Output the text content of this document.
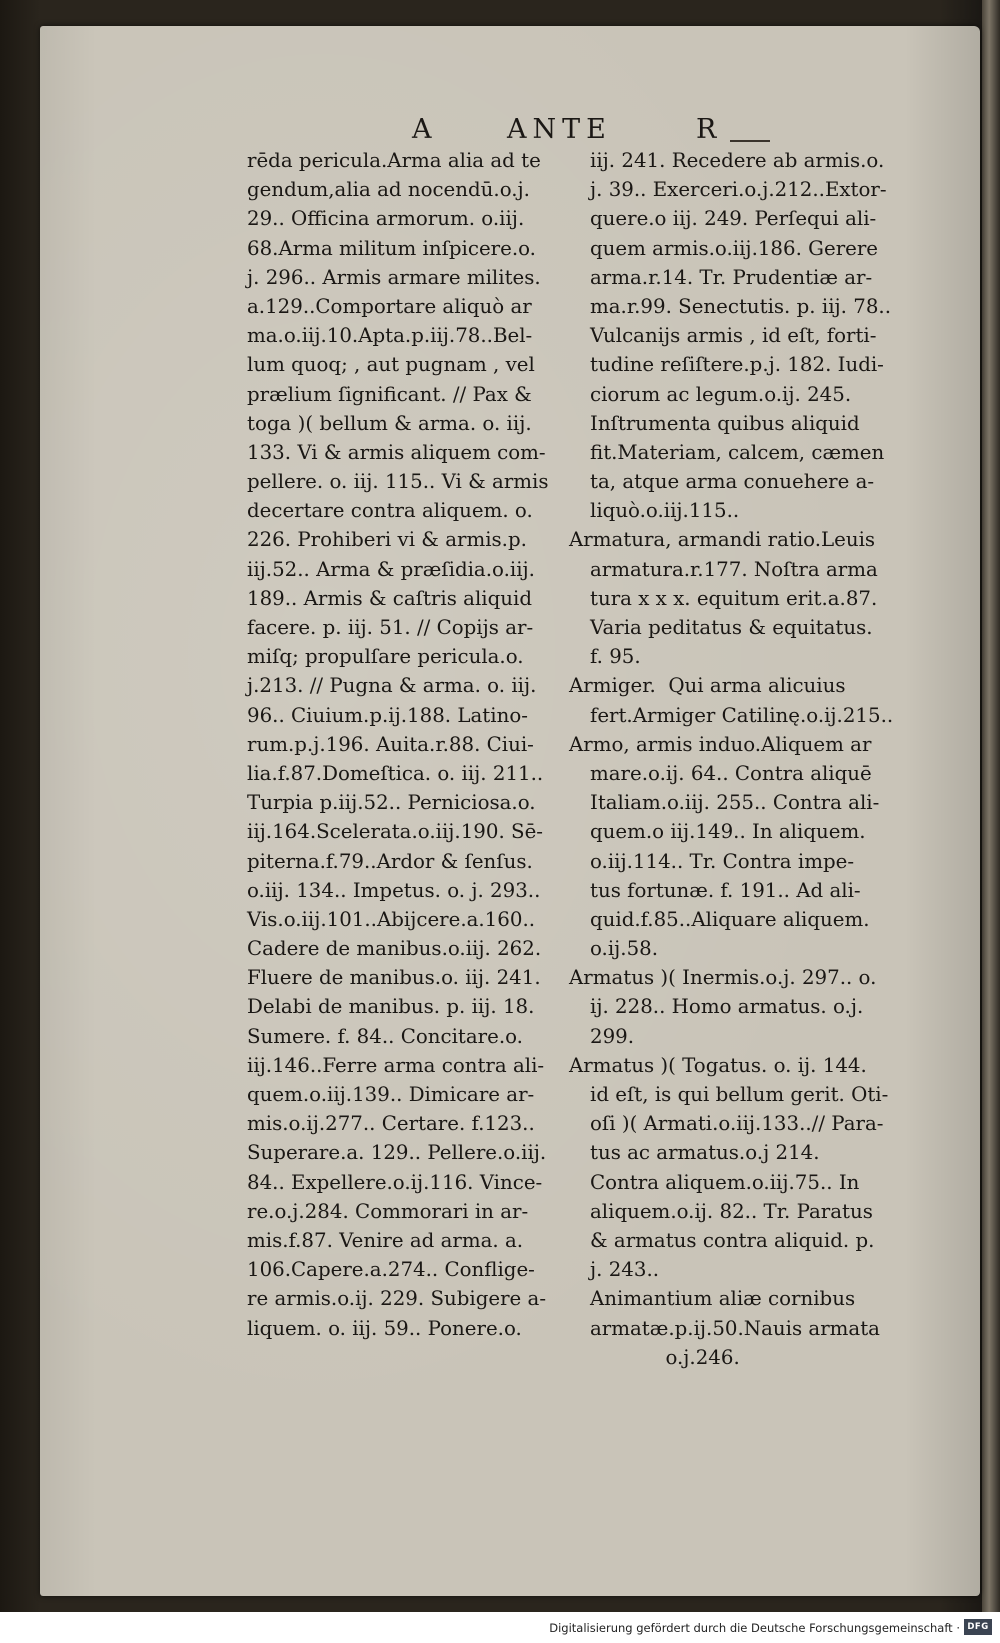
A	ANTE	R
rēda pericula.Arma alia ad te
gendum,alia ad nocendū.o.j.
29.. Officina armorum. o.iij.
68.Arma militum inſpicere.o.
j. 296.. Armis armare milites.
a.129..Comportare aliquò ar
ma.o.iij.10.Apta.p.iij.78..Bel-
lum quoq; , aut pugnam , vel
prælium ſignificant. // Pax &
toga )( bellum & arma. o. iij.
133. Vi & armis aliquem com-
pellere. o. iij. 115.. Vi & armis
decertare contra aliquem. o.
226. Prohiberi vi & armis.p.
iij.52.. Arma & præſidia.o.iij.
189.. Armis & caſtris aliquid
facere. p. iij. 51. // Copijs ar-
miſq; propulſare pericula.o.
j.213. // Pugna & arma. o. iij.
96.. Ciuium.p.ij.188. Latino-
rum.p.j.196. Auita.r.88. Ciui-
lia.f.87.Domeſtica. o. iij. 211..
Turpia p.iij.52.. Perniciosa.o.
iij.164.Scelerata.o.iij.190. Sē-
piterna.f.79..Ardor & ſenſus.
o.iij. 134.. Impetus. o. j. 293..
Vis.o.iij.101..Abijcere.a.160..
Cadere de manibus.o.iij. 262.
Fluere de manibus.o. iij. 241.
Delabi de manibus. p. iij. 18.
Sumere. f. 84.. Concitare.o.
iij.146..Ferre arma contra ali-
quem.o.iij.139.. Dimicare ar-
mis.o.ij.277.. Certare. f.123..
Superare.a. 129.. Pellere.o.iij.
84.. Expellere.o.ij.116. Vince-
re.o.j.284. Commorari in ar-
mis.f.87. Venire ad arma. a.
106.Capere.a.274.. Confligе-
re armis.o.ij. 229. Subigere a-
liquem. o. iij. 59.. Ponere.o.
iij. 241. Recedere ab armis.o.
j. 39.. Exerceri.o.j.212..Extor-
quere.o iij. 249. Perſequi ali-
quem armis.o.iij.186. Gerere
arma.r.14. Tr. Prudentiæ ar-
ma.r.99. Senectutis. p. iij. 78..
Vulcanijs armis , id eſt, forti-
tudine reſiſtere.p.j. 182. Iudi-
ciorum ac legum.o.ij. 245.
Inſtrumenta quibus aliquid
fit.Materiam, calcem, cæmen
ta, atque arma conuehere a-
liquò.o.iij.115..
Armatura, armandi ratio.Leuis
armatura.r.177. Noſtra arma
tura x x x. equitum erit.a.87.
Varia peditatus & equitatus.
f. 95.
Armiger.  Qui arma alicuius
fert.Armiger Catilinę.o.ij.215..
Armo, armis induo.Aliquem ar
mare.o.ij. 64.. Contra aliquē
Italiam.o.iij. 255.. Contra ali-
quem.o iij.149.. In aliquem.
o.iij.114.. Tr. Contra impe-
tus fortunæ. f. 191.. Ad ali-
quid.f.85..Aliquare aliquem.
o.ij.58.
Armatus )( Inermis.o.j. 297.. o.
ij. 228.. Homo armatus. o.j.
299.
Armatus )( Togatus. o. ij. 144.
id eſt, is qui bellum gerit. Oti-
oſi )( Armati.o.iij.133..// Para-
tus ac armatus.o.j 214.
Contra aliquem.o.iij.75.. In
aliquem.o.ij. 82.. Tr. Paratus
& armatus contra aliquid. p.
j. 243..
Animantium aliæ cornibus
armatæ.p.ij.50.Nauis armata
o.j.246.
Digitalisierung gefördert durch die Deutsche Forschungsgemeinschaft · DFG
